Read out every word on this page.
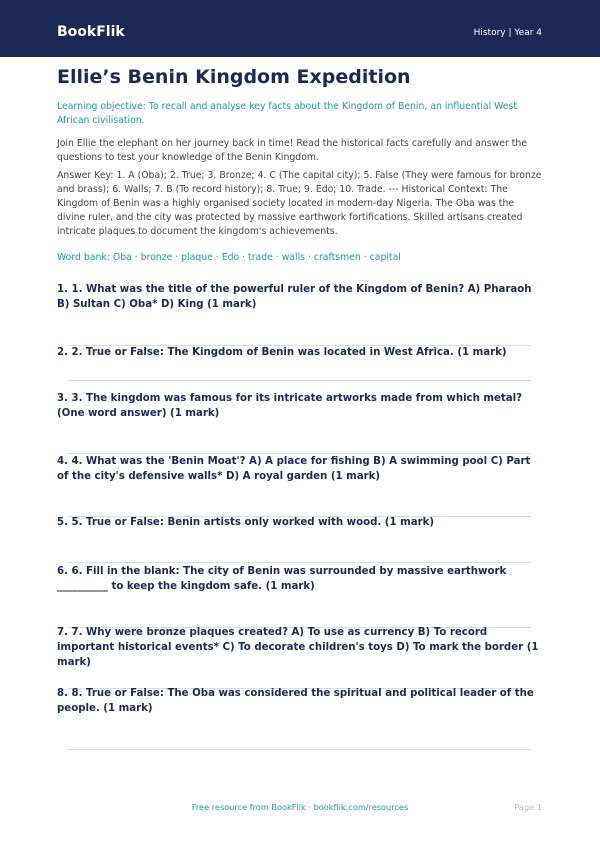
BookFlik	History | Year 4
Ellie’s Benin Kingdom Expedition
Learning objective: To recall and analyse key facts about the Kingdom of Benin, an influential West African civilisation.
Join Ellie the elephant on her journey back in time! Read the historical facts carefully and answer the questions to test your knowledge of the Benin Kingdom.
Answer Key: 1. A (Oba); 2. True; 3. Bronze; 4. C (The capital city); 5. False (They were famous for bronze and brass); 6. Walls; 7. B (To record history); 8. True; 9. Edo; 10. Trade. --- Historical Context: The Kingdom of Benin was a highly organised society located in modern-day Nigeria. The Oba was the divine ruler, and the city was protected by massive earthwork fortifications. Skilled artisans created intricate plaques to document the kingdom's achievements.
Word bank: Oba · bronze · plaque · Edo · trade · walls · craftsmen · capital
1. 1. What was the title of the powerful ruler of the Kingdom of Benin? A) Pharaoh B) Sultan C) Oba* D) King (1 mark)
2. 2. True or False: The Kingdom of Benin was located in West Africa. (1 mark)
3. 3. The kingdom was famous for its intricate artworks made from which metal? (One word answer) (1 mark)
4. 4. What was the 'Benin Moat'? A) A place for fishing B) A swimming pool C) Part of the city's defensive walls* D) A royal garden (1 mark)
5. 5. True or False: Benin artists only worked with wood. (1 mark)
6. 6. Fill in the blank: The city of Benin was surrounded by massive earthwork __________ to keep the kingdom safe. (1 mark)
7. 7. Why were bronze plaques created? A) To use as currency B) To record important historical events* C) To decorate children's toys D) To mark the border (1 mark)
8. 8. True or False: The Oba was considered the spiritual and political leader of the people. (1 mark)
Free resource from BookFlik · bookflik.com/resources	Page 1
